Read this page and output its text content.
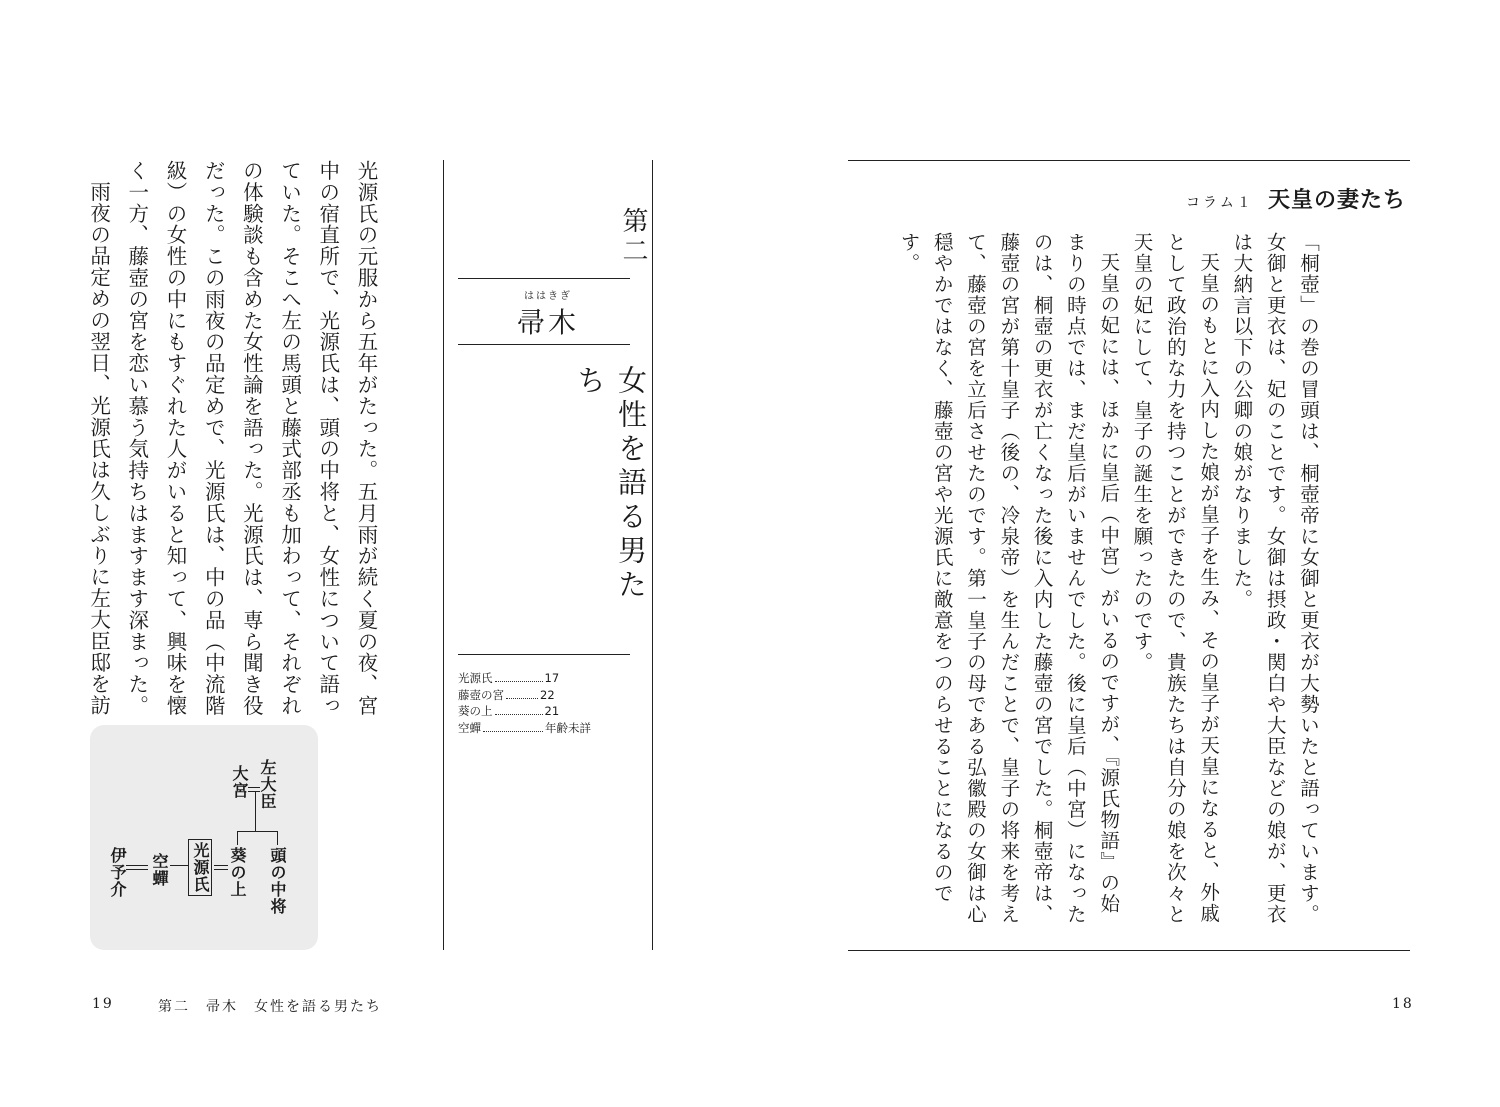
光源氏の元服から五年がたった。五月雨が続く夏の夜、宮中の宿直所で、光源氏は、頭の中将と、女性について語っていた。そこへ左の馬頭と藤式部丞も加わって、それぞれの体験談も含めた女性論を語った。光源氏は、専ら聞き役だった。この雨夜の品定めで、光源氏は、中の品（中流階級）の女性の中にもすぐれた人がいると知って、興味を懐く一方、藤壺の宮を恋い慕う気持ちはますます深まった。

雨夜の品定めの翌日、光源氏は久しぶりに左大臣邸を訪

左大臣
大宮
頭の中将
葵の上
光源氏
空蟬
伊予介
第二
ははきぎ
帚木
女性を語る男たち
光源氏	17
藤壺の宮	22
葵の上	21
空蟬	年齢未詳
コラム１ 天皇の妻たち

「桐壺」の巻の冒頭は、桐壺帝に女御と更衣が大勢いたと語っています。女御と更衣は、妃のことです。女御は摂政・関白や大臣などの娘が、更衣は大納言以下の公卿の娘がなりました。

天皇のもとに入内した娘が皇子を生み、その皇子が天皇になると、外戚として政治的な力を持つことができたので、貴族たちは自分の娘を次々と天皇の妃にして、皇子の誕生を願ったのです。

天皇の妃には、ほかに皇后（中宮）がいるのですが、『源氏物語』の始まりの時点では、まだ皇后がいませんでした。後に皇后（中宮）になったのは、桐壺の更衣が亡くなった後に入内した藤壺の宮でした。桐壺帝は、藤壺の宮が第十皇子（後の、冷泉帝）を生んだことで、皇子の将来を考えて、藤壺の宮を立后させたのです。第一皇子の母である弘徽殿の女御は心穏やかではなく、藤壺の宮や光源氏に敵意をつのらせることになるのです。

19	第二　帚木　女性を語る男たち	18
